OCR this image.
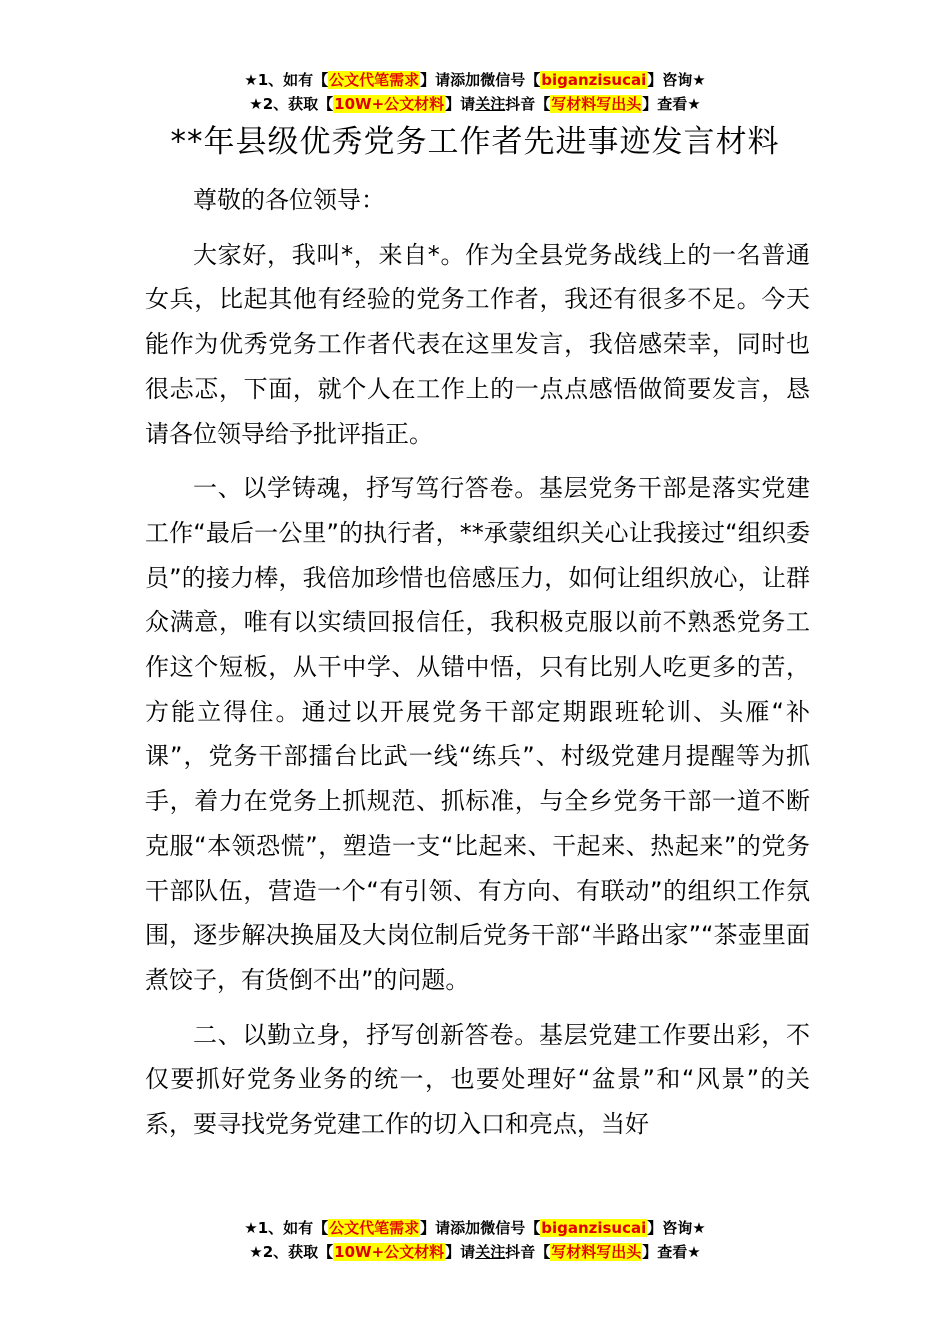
★1、如有【公文代笔需求】请添加微信号【biganzisucai】咨询★
★2、获取【10W+公文材料】请关注抖音【写材料写出头】查看★
**年县级优秀党务工作者先进事迹发言材料

尊敬的各位领导：

大家好，我叫*，来自*。作为全县党务战线上的一名普通女兵，比起其他有经验的党务工作者，我还有很多不足。今天能作为优秀党务工作者代表在这里发言，我倍感荣幸，同时也很忐忑，下面，就个人在工作上的一点点感悟做简要发言，恳请各位领导给予批评指正。

一、以学铸魂，抒写笃行答卷。基层党务干部是落实党建工作“最后一公里”的执行者，**承蒙组织关心让我接过“组织委员”的接力棒，我倍加珍惜也倍感压力，如何让组织放心，让群众满意，唯有以实绩回报信任，我积极克服以前不熟悉党务工作这个短板，从干中学、从错中悟，只有比别人吃更多的苦，方能立得住。通过以开展党务干部定期跟班轮训、头雁“补课”，党务干部擂台比武一线“练兵”、村级党建月提醒等为抓手，着力在党务上抓规范、抓标准，与全乡党务干部一道不断克服“本领恐慌”，塑造一支“比起来、干起来、热起来”的党务干部队伍，营造一个“有引领、有方向、有联动”的组织工作氛围，逐步解决换届及大岗位制后党务干部“半路出家”“茶壶里面煮饺子，有货倒不出”的问题。

二、以勤立身，抒写创新答卷。基层党建工作要出彩，不仅要抓好党务业务的统一，也要处理好“盆景”和“风景”的关系，要寻找党务党建工作的切入口和亮点，当好

★1、如有【公文代笔需求】请添加微信号【biganzisucai】咨询★
★2、获取【10W+公文材料】请关注抖音【写材料写出头】查看★
